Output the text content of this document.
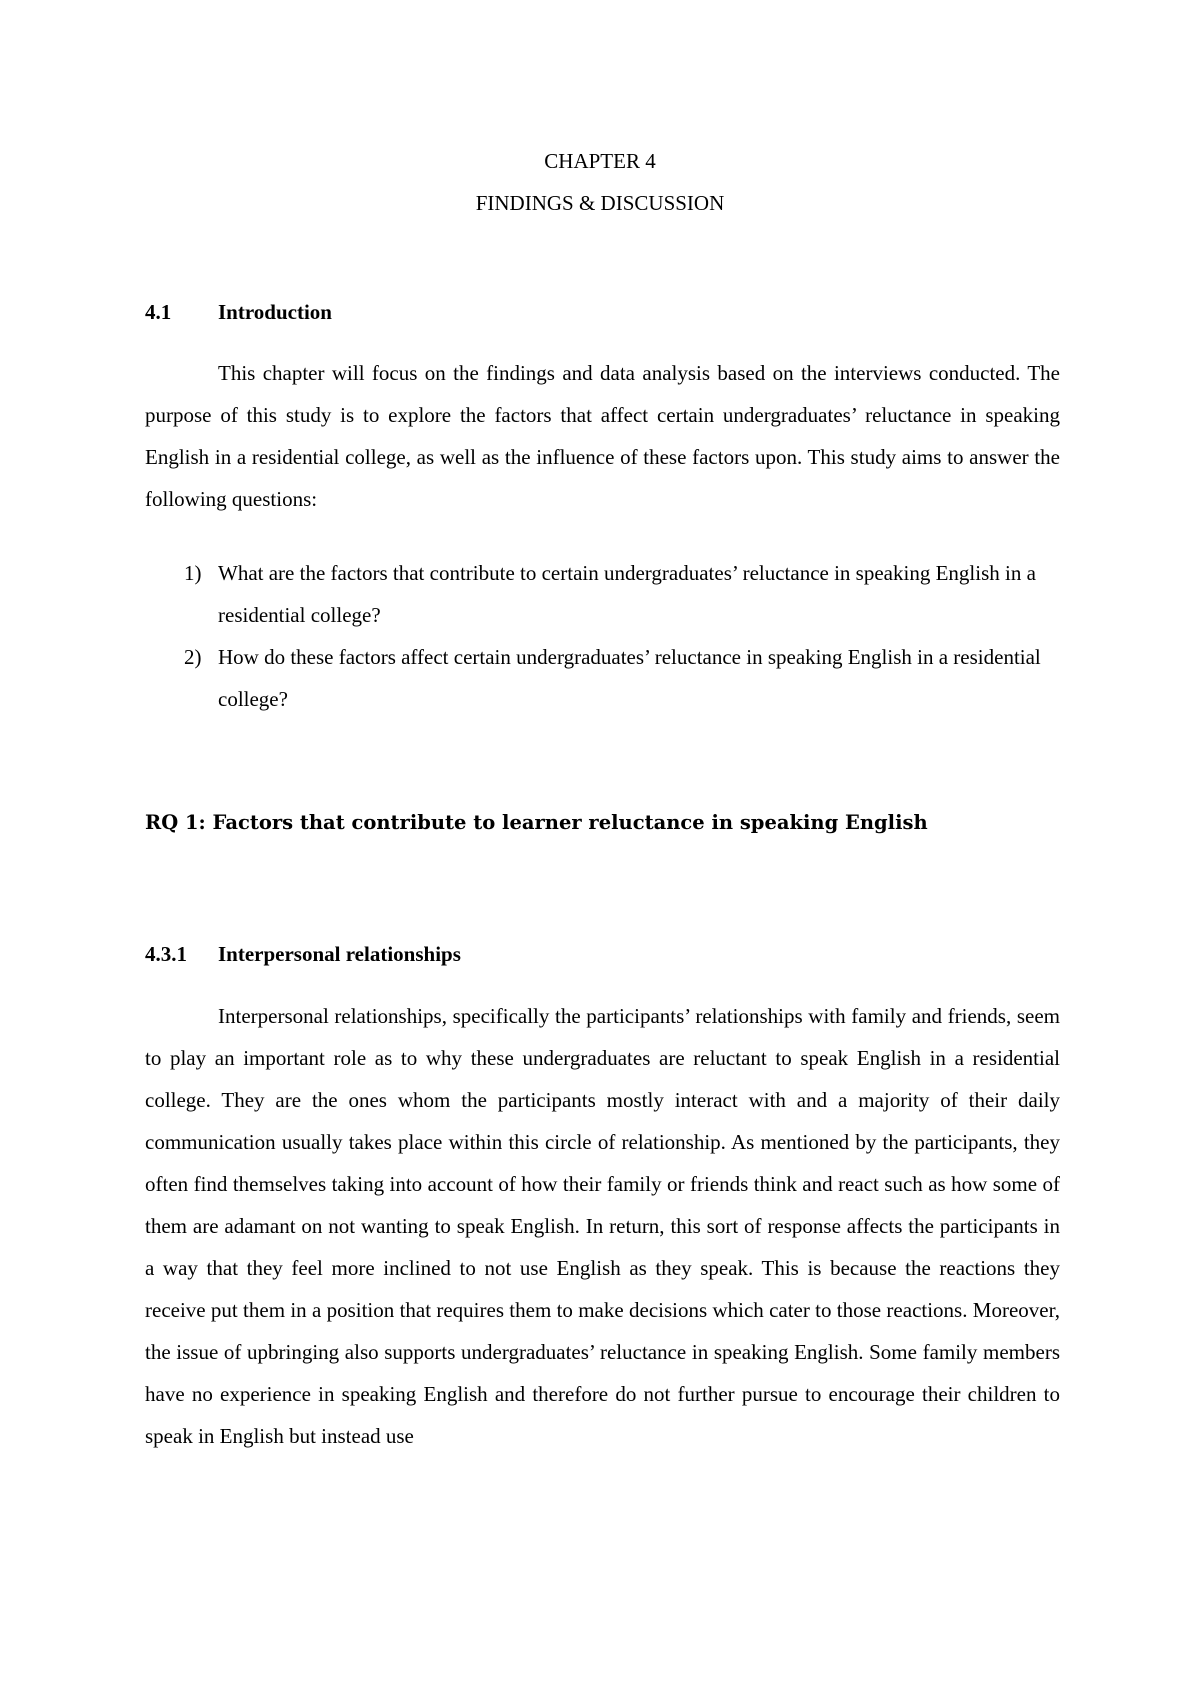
CHAPTER 4
FINDINGS & DISCUSSION
4.1 Introduction

This chapter will focus on the findings and data analysis based on the interviews conducted. The purpose of this study is to explore the factors that affect certain undergraduates’ reluctance in speaking English in a residential college, as well as the influence of these factors upon. This study aims to answer the following questions:

1) What are the factors that contribute to certain undergraduates’ reluctance in speaking English in a residential college?
2) How do these factors affect certain undergraduates’ reluctance in speaking English in a residential college?
RQ 1: Factors that contribute to learner reluctance in speaking English
4.3.1 Interpersonal relationships

Interpersonal relationships, specifically the participants’ relationships with family and friends, seem to play an important role as to why these undergraduates are reluctant to speak English in a residential college. They are the ones whom the participants mostly interact with and a majority of their daily communication usually takes place within this circle of relationship. As mentioned by the participants, they often find themselves taking into account of how their family or friends think and react such as how some of them are adamant on not wanting to speak English. In return, this sort of response affects the participants in a way that they feel more inclined to not use English as they speak. This is because the reactions they receive put them in a position that requires them to make decisions which cater to those reactions. Moreover, the issue of upbringing also supports undergraduates’ reluctance in speaking English. Some family members have no experience in speaking English and therefore do not further pursue to encourage their children to speak in English but instead use
